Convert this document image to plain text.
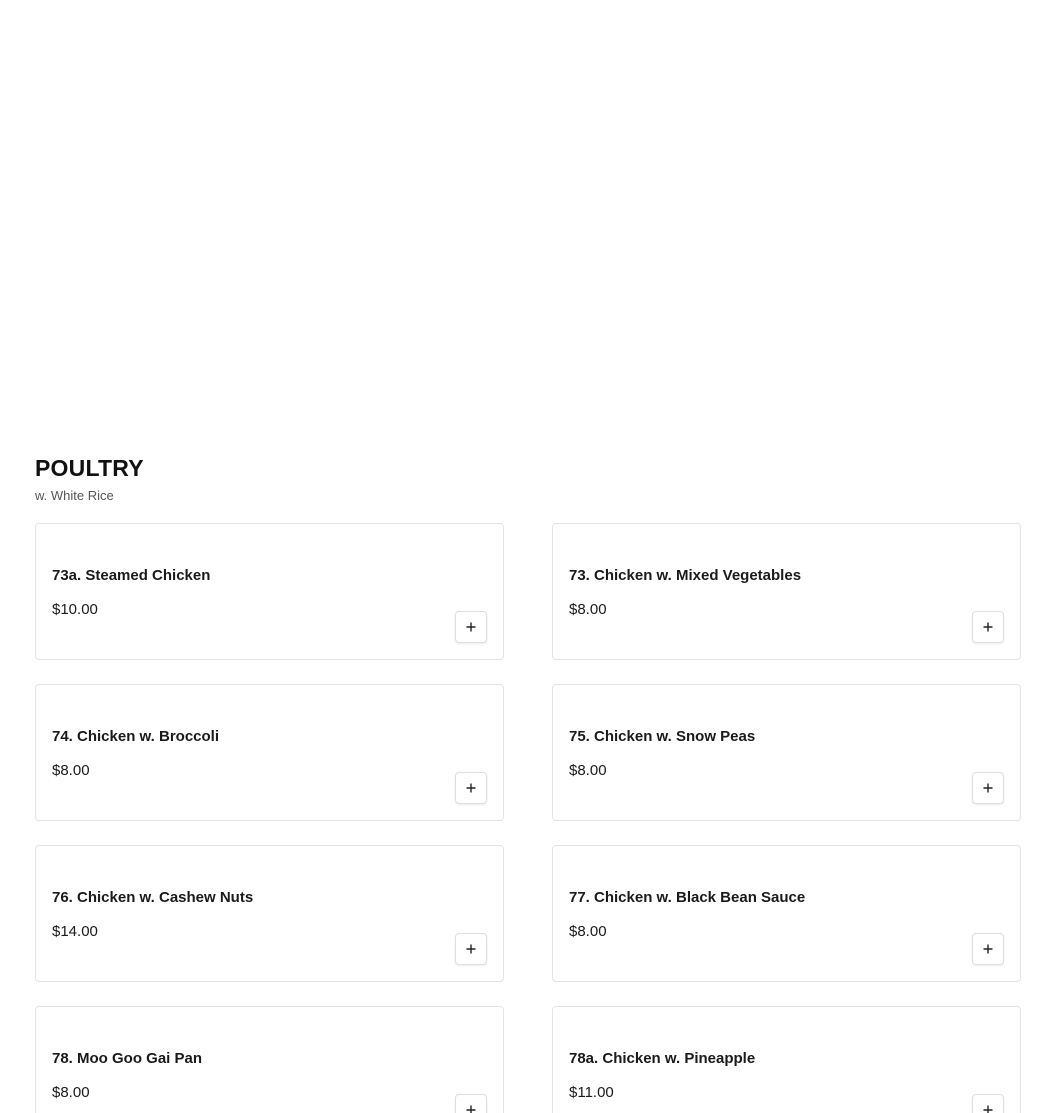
POULTRY

w. White Rice

73a. Steamed Chicken
$10.00
73. Chicken w. Mixed Vegetables
$8.00
74. Chicken w. Broccoli
$8.00
75. Chicken w. Snow Peas
$8.00
76. Chicken w. Cashew Nuts
$14.00
77. Chicken w. Black Bean Sauce
$8.00
78. Moo Goo Gai Pan
$8.00
78a. Chicken w. Pineapple
$11.00
